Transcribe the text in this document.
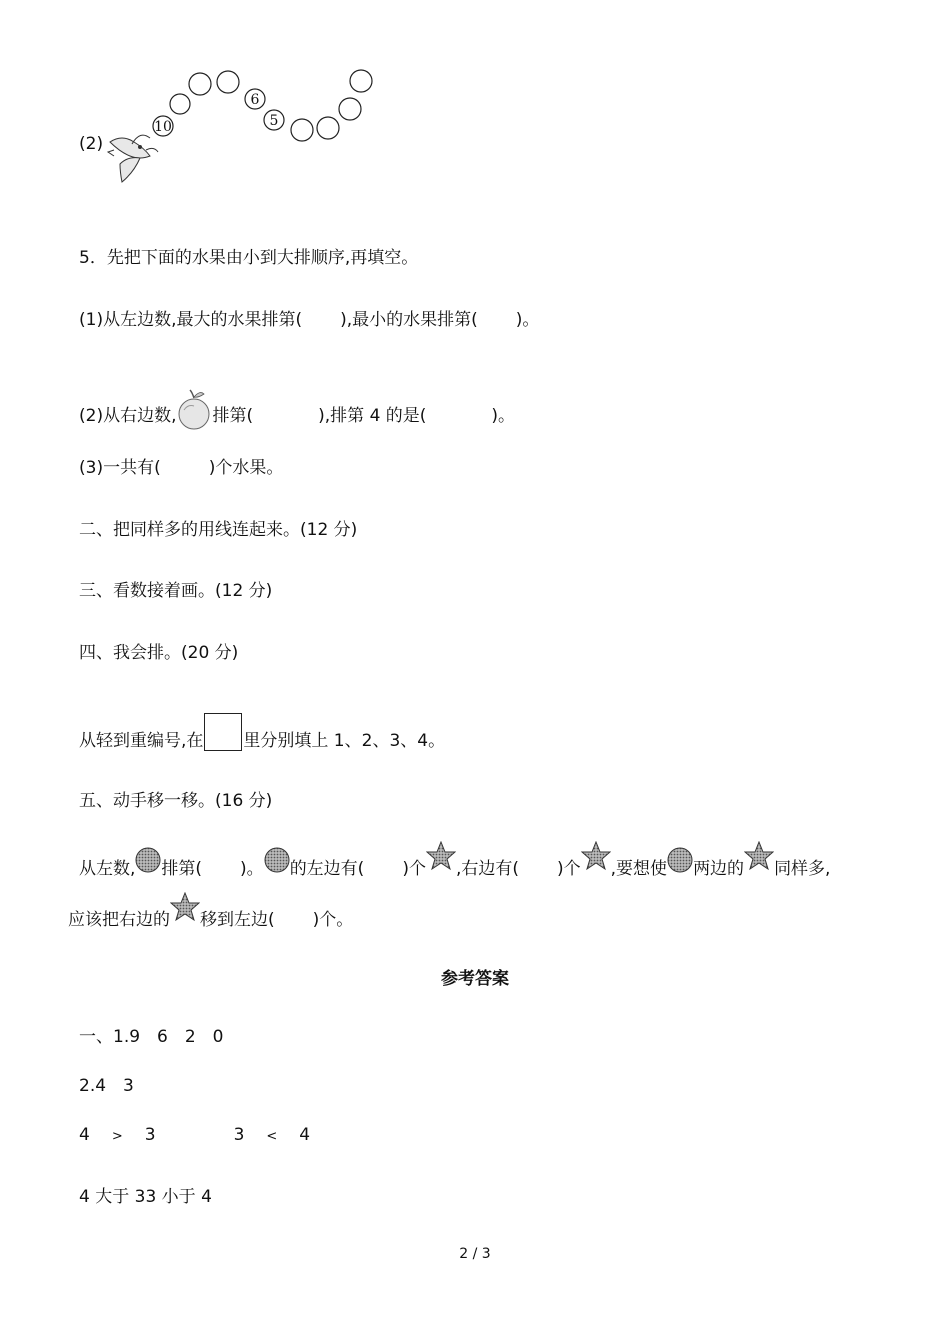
(2)
10
6
5
5．先把下面的水果由小到大排顺序,再填空。
(1)从左边数,最大的水果排第( ),最小的水果排第( )。
(2)从右边数, 排第(	),排第 4 的是(	)。
(3)一共有(	)个水果。
二、把同样多的用线连起来。(12 分)
三、看数接着画。(12 分)
四、我会排。(20 分)
从轻到重编号,在 里分别填上 1、2、3、4。
五、动手移一移。(16 分)
从左数, 排第( )。 的左边有( )个 ,右边有( )个 ,要想使 两边的 同样多,
应该把右边的 移到左边( )个。
参考答案
一、1.9　6　2　0
2.4　3
4 > 3	3 < 4
4 大于 33 小于 4
2 / 3
